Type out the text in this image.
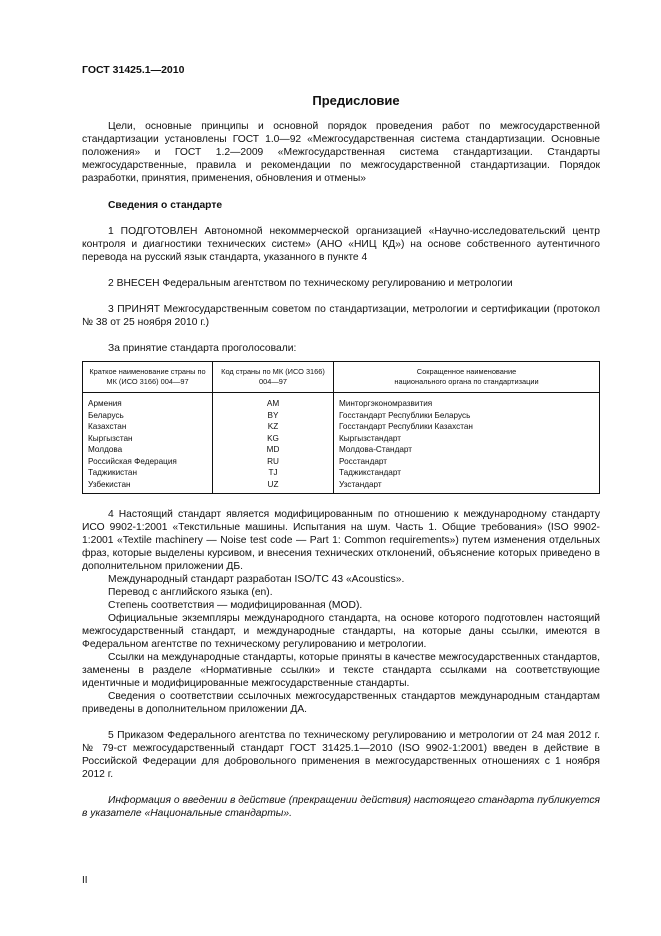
ГОСТ 31425.1—2010
Предисловие

Цели, основные принципы и основной порядок проведения работ по межгосударственной стандартизации установлены ГОСТ 1.0—92 «Межгосударственная система стандартизации. Основные положения» и ГОСТ 1.2—2009 «Межгосударственная система стандартизации. Стандарты межгосударственные, правила и рекомендации по межгосударственной стандартизации. Порядок разработки, принятия, применения, обновления и отмены»

Сведения о стандарте

1 ПОДГОТОВЛЕН Автономной некоммерческой организацией «Научно-исследовательский центр контроля и диагностики технических систем» (АНО «НИЦ КД») на основе собственного аутентичного перевода на русский язык стандарта, указанного в пункте 4

2 ВНЕСЕН Федеральным агентством по техническому регулированию и метрологии

3 ПРИНЯТ Межгосударственным советом по стандартизации, метрологии и сертификации (протокол № 38 от 25 ноября 2010 г.)

За принятие стандарта проголосовали:

Краткое наименование страны по МК (ИСО 3166) 004—97	Код страны по МК (ИСО 3166) 004—97	Сокращенное наименование национального органа по стандартизации
Армения	AM	Минторгэкономразвития
Беларусь	BY	Госстандарт Республики Беларусь
Казахстан	KZ	Госстандарт Республики Казахстан
Кыргызстан	KG	Кыргызстандарт
Молдова	MD	Молдова-Стандарт
Российская Федерация	RU	Росстандарт
Таджикистан	TJ	Таджикстандарт
Узбекистан	UZ	Узстандарт

4 Настоящий стандарт является модифицированным по отношению к международному стандарту ИСО 9902-1:2001 «Текстильные машины. Испытания на шум. Часть 1. Общие требования» (ISO 9902-1:2001 «Textile machinery — Noise test code — Part 1: Common requirements») путем изменения отдельных фраз, которые выделены курсивом, и внесения технических отклонений, объяснение которых приведено в дополнительном приложении ДБ.

Международный стандарт разработан ISO/TC 43 «Acoustics».

Перевод с английского языка (en).

Степень соответствия — модифицированная (MOD).

Официальные экземпляры международного стандарта, на основе которого подготовлен настоящий межгосударственный стандарт, и международные стандарты, на которые даны ссылки, имеются в Федеральном агентстве по техническому регулированию и метрологии.

Ссылки на международные стандарты, которые приняты в качестве межгосударственных стандартов, заменены в разделе «Нормативные ссылки» и тексте стандарта ссылками на соответствующие идентичные и модифицированные межгосударственные стандарты.

Сведения о соответствии ссылочных межгосударственных стандартов международным стандартам приведены в дополнительном приложении ДА.

5 Приказом Федерального агентства по техническому регулированию и метрологии от 24 мая 2012 г. № 79-ст межгосударственный стандарт ГОСТ 31425.1—2010 (ISO 9902-1:2001) введен в действие в Российской Федерации для добровольного применения в межгосударственных отношениях с 1 ноября 2012 г.

Информация о введении в действие (прекращении действия) настоящего стандарта публикуется в указателе «Национальные стандарты».

II
